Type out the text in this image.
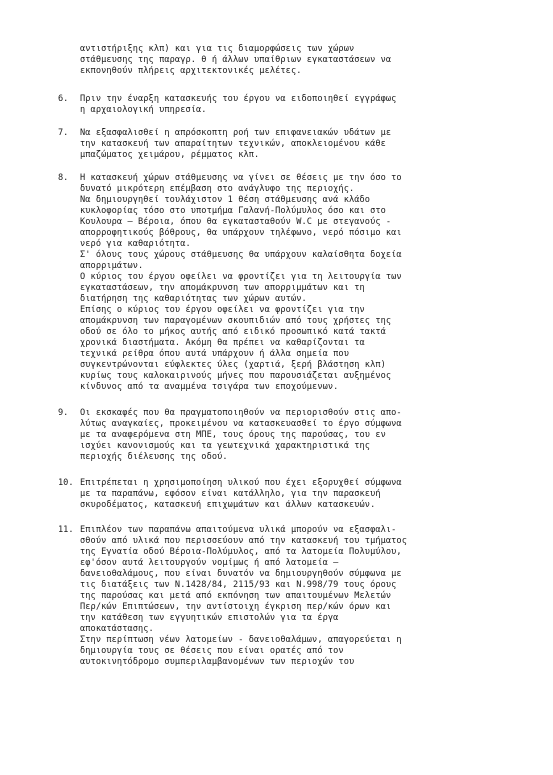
αντιστήριξης κλπ) και για τις διαμορφώσεις των χώρων
στάθμευσης της παραγρ. θ ή άλλων υπαίθριων εγκαταστάσεων να
εκπονηθούν πλήρεις αρχιτεκτονικές μελέτες.
6. Πριν την έναρξη κατασκευής του έργου να ειδοποιηθεί εγγράφως
η αρχαιολογική υπηρεσία.
7. Να εξασφαλισθεί η απρόσκοπτη ροή των επιφανειακών υδάτων με
την κατασκευή των απαραίτητων τεχνικών, αποκλειομένου κάθε
μπαζώματος χειμάρου, ρέμματος κλπ.
8. Η κατασκευή χώρων στάθμευσης να γίνει σε θέσεις με την όσο το
δυνατό μικρότερη επέμβαση στο ανάγλυφο της περιοχής.
Να δημιουργηθεί τουλάχιστον 1 θέση στάθμευσης ανά κλάδο
κυκλοφορίας τόσο στο υποτμήμα Γαλανή-Πολύμυλος όσο και στο
Κουλουρα – Βέροια, όπου θα εγκατασταθούν W.C με στεγανούς -
απορροφητικούς βόθρους, θα υπάρχουν τηλέφωνο, νερό πόσιμο και
νερό για καθαριότητα.
Σ' όλους τους χώρους στάθμευσης θα υπάρχουν καλαίσθητα δοχεία
απορριμάτων.
Ο κύριος του έργου οφείλει να φροντίζει για τη λειτουργία των
εγκαταστάσεων, την απομάκρυνση των απορριμμάτων και τη
διατήρηση της καθαριότητας των χώρων αυτών.
Επίσης ο κύριος του έργου οφείλει να φροντίζει για την
απομάκρυνση των παραγομένων σκουπιδιών από τους χρήστες της
οδού σε όλο το μήκος αυτής από ειδικό προσωπικό κατά τακτά
χρονικά διαστήματα. Ακόμη θα πρέπει να καθαρίζονται τα
τεχνικά ρείθρα όπου αυτά υπάρχουν ή άλλα σημεία που
συγκεντρώνονται εύφλεκτες ύλες (χαρτιά, ξερή βλάστηση κλπ)
κυρίως τους καλοκαιρινούς μήνες που παρουσιάζεται αυξημένος
κίνδυνος από τα αναμμένα τσιγάρα των εποχούμενων.
9. Οι εκσκαφές που θα πραγματοποιηθούν να περιορισθούν στις απο-
λύτως αναγκαίες, προκειμένου να κατασκευασθεί το έργο σύμφωνα
με τα αναφερόμενα στη ΜΠΕ, τους όρους της παρούσας, του εν
ισχύει κανονισμούς και τα γεωτεχνικά χαρακτηριστικά της
περιοχής διέλευσης της οδού.
10. Επιτρέπεται η χρησιμοποίηση υλικού που έχει εξορυχθεί σύμφωνα
με τα παραπάνω, εφόσον είναι κατάλληλο, για την παρασκευή
σκυροδέματος, κατασκευή επιχωμάτων και άλλων κατασκευών.
11. Επιπλέον των παραπάνω απαιτούμενα υλικά μπορούν να εξασφαλι-
σθούν από υλικά που περισσεύουν από την κατασκευή του τμήματος
της Εγνατία οδού Βέροια-Πολύμυλος, από τα λατομεία Πολυμύλου,
εφ'όσον αυτά λειτουργούν νομίμως ή από λατομεία –
δανειοθαλάμους, που είναι δυνατόν να δημιουργηθούν σύμφωνα με
τις διατάξεις των Ν.1428/84, 2115/93 και Ν.998/79 τους όρους
της παρούσας και μετά από εκπόνηση των απαιτουμένων Μελετών
Περ/κών Επιπτώσεων, την αντίστοιχη έγκριση περ/κών όρων και
την κατάθεση των εγγυητικών επιστολών για τα έργα
αποκατάστασης.
Στην περίπτωση νέων λατομείων - δανειοθαλάμων, απαγορεύεται η
δημιουργία τους σε θέσεις που είναι ορατές από τον
αυτοκινητόδρομο συμπεριλαμβανομένων των περιοχών του
